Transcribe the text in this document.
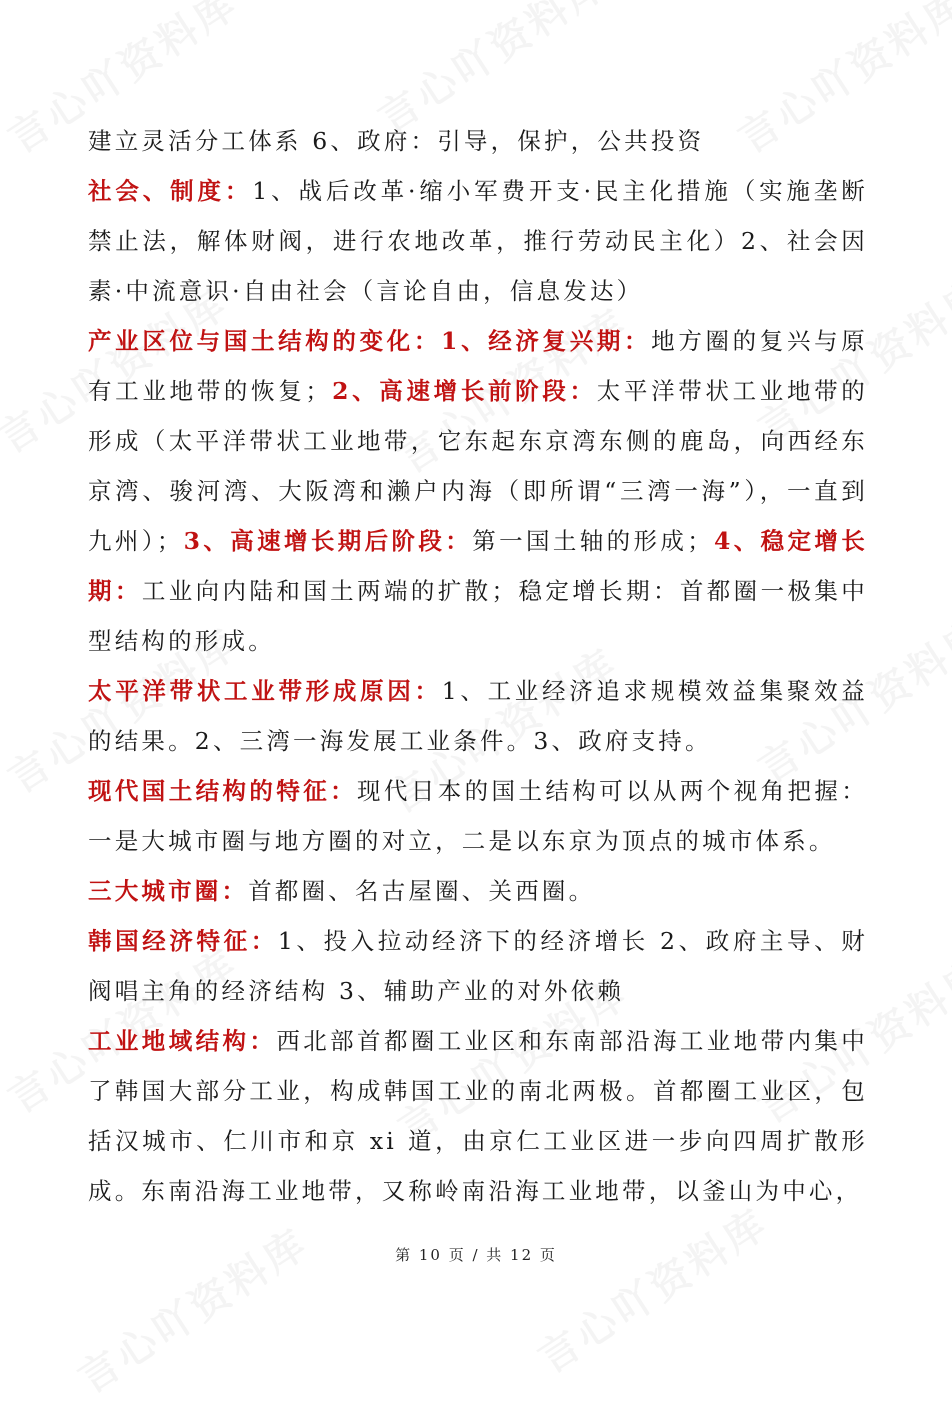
建立灵活分工体系 6、政府：引导，保护，公共投资

社会、制度：1、战后改革·缩小军费开支·民主化措施（实施垄断禁止法，解体财阀，进行农地改革，推行劳动民主化）2、社会因素·中流意识·自由社会（言论自由，信息发达）

产业区位与国土结构的变化：1、经济复兴期：地方圈的复兴与原有工业地带的恢复；2、高速增长前阶段：太平洋带状工业地带的形成（太平洋带状工业地带，它东起东京湾东侧的鹿岛，向西经东京湾、骏河湾、大阪湾和濑户内海（即所谓“三湾一海”），一直到九州）；3、高速增长期后阶段：第一国土轴的形成；4、稳定增长期：工业向内陆和国土两端的扩散；稳定增长期：首都圈一极集中型结构的形成。

太平洋带状工业带形成原因：1、工业经济追求规模效益集聚效益的结果。2、三湾一海发展工业条件。3、政府支持。

现代国土结构的特征：现代日本的国土结构可以从两个视角把握：一是大城市圈与地方圈的对立，二是以东京为顶点的城市体系。

三大城市圈：首都圈、名古屋圈、关西圈。

韩国经济特征：1、投入拉动经济下的经济增长 2、政府主导、财阀唱主角的经济结构 3、辅助产业的对外依赖

工业地域结构：西北部首都圈工业区和东南部沿海工业地带内集中了韩国大部分工业，构成韩国工业的南北两极。首都圈工业区，包括汉城市、仁川市和京 xi 道，由京仁工业区进一步向四周扩散形成。东南沿海工业地带，又称岭南沿海工业地带，以釜山为中心，

第 10 页 / 共 12 页
